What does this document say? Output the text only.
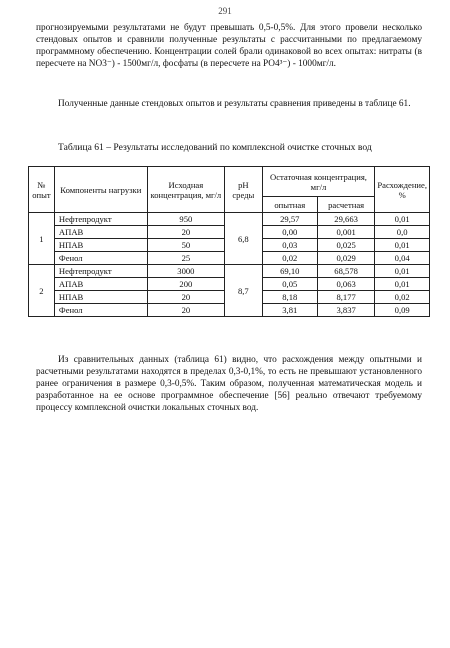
291

прогнозируемыми результатами не будут превышать 0,5-0,5%. Для этого провели несколько стендовых опытов и сравнили полученные результаты с рассчитанными по предлагаемому программному обеспечению. Концентрации солей брали одинаковой во всех опытах: нитраты (в пересчете на NO3⁻) - 1500мг/л, фосфаты (в пересчете на PO4³⁻) - 1000мг/л.

Полученные данные стендовых опытов и результаты сравнения приведены в таблице 61.

Таблица 61 – Результаты исследований по комплексной очистке сточных вод
№ опыт	Компоненты нагрузки	Исходная концентрация, мг/л	pH среды	Остаточная концентрация, мг/л		Расхождение, %
				опытная	расчетная	
1	Нефтепродукт	950	6,8	29,57	29,663	0,01
	АПАВ	20		0,00	0,001	0,0
	НПАВ	50		0,03	0,025	0,01
	Фенол	25		0,02	0,029	0,04
2	Нефтепродукт	3000	8,7	69,10	68,578	0,01
	АПАВ	200		0,05	0,063	0,01
	НПАВ	20		8,18	8,177	0,02
	Фенол	20		3,81	3,837	0,09

Из сравнительных данных (таблица 61) видно, что расхождения между опытными и расчетными результатами находятся в пределах 0,3-0,1%, то есть не превышают установленного ранее ограничения в размере 0,3-0,5%. Таким образом, полученная математическая модель и разработанное на ее основе программное обеспечение [56] реально отвечают требуемому процессу комплексной очистки локальных сточных вод.
